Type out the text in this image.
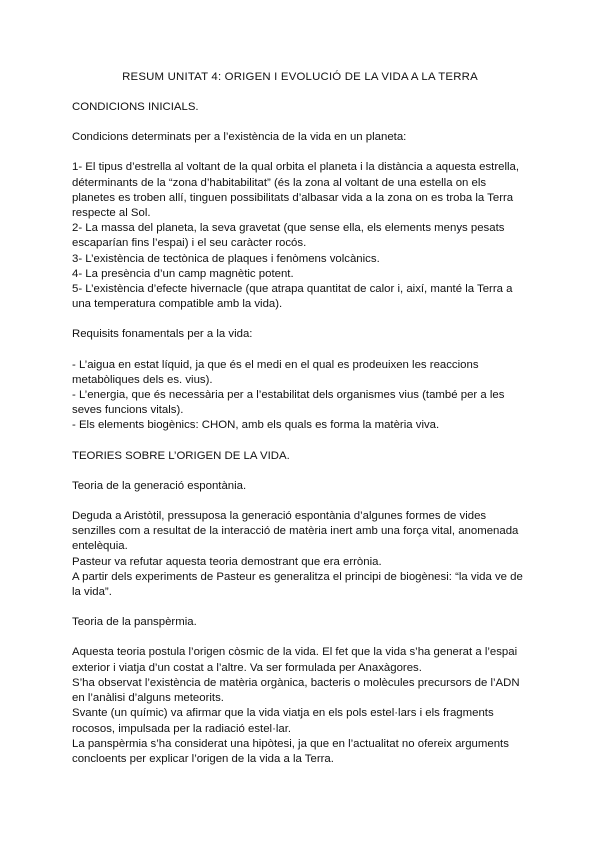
RESUM UNITAT 4: ORIGEN I EVOLUCIÓ DE LA VIDA A LA TERRA

CONDICIONS INICIALS.

Condicions determinats per a l’existència de la vida en un planeta:

1- El tipus d’estrella al voltant de la qual orbita el planeta i la distància a aquesta estrella, déterminants de la “zona d’habitabilitat” (és la zona al voltant de una estella on els planetes es troben allí, tinguen possibilitats d’albasar vida a la zona on es troba la Terra respecte al Sol.

2- La massa del planeta, la seva gravetat (que sense ella, els elements menys pesats escaparían fins l’espai) i el seu caràcter rocós.

3- L’existència de tectònica de plaques i fenòmens volcànics.

4- La presència d’un camp magnètic potent.

5- L’existència d’efecte hivernacle (que atrapa quantitat de calor i, així, manté la Terra a una temperatura compatible amb la vida).

Requisits fonamentals per a la vida:

- L’aigua en estat líquid, ja que és el medi en el qual es prodeuixen les reaccions metabòliques dels es. vius).

- L’energia, que és necessària per a l’estabilitat dels organismes vius (també per a les seves funcions vitals).

- Els elements biogènics: CHON, amb els quals es forma la matèria viva.

TEORIES SOBRE L’ORIGEN DE LA VIDA.

Teoria de la generació espontània.

Deguda a Aristòtil, pressuposa la generació espontània d’algunes formes de vides senzilles com a resultat de la interacció de matèria inert amb una força vital, anomenada entelèquia.

Pasteur va refutar aquesta teoria demostrant que era errònia.

A partir dels experiments de Pasteur es generalitza el principi de biogènesi: “la vida ve de la vida”.

Teoria de la panspèrmia.

Aquesta teoria postula l’origen còsmic de la vida. El fet que la vida s’ha generat a l’espai exterior i viatja d’un costat a l’altre. Va ser formulada per Anaxàgores.

S’ha observat l’existència de matèria orgànica, bacteris o molècules precursors de l’ADN en l’anàlisi d’alguns meteorits.

Svante (un químic) va afirmar que la vida viatja en els pols estel·lars i els fragments rocosos, impulsada per la radiació estel·lar.

La panspèrmia s’ha considerat una hipòtesi, ja que en l’actualitat no ofereix arguments concloents per explicar l’origen de la vida a la Terra.
